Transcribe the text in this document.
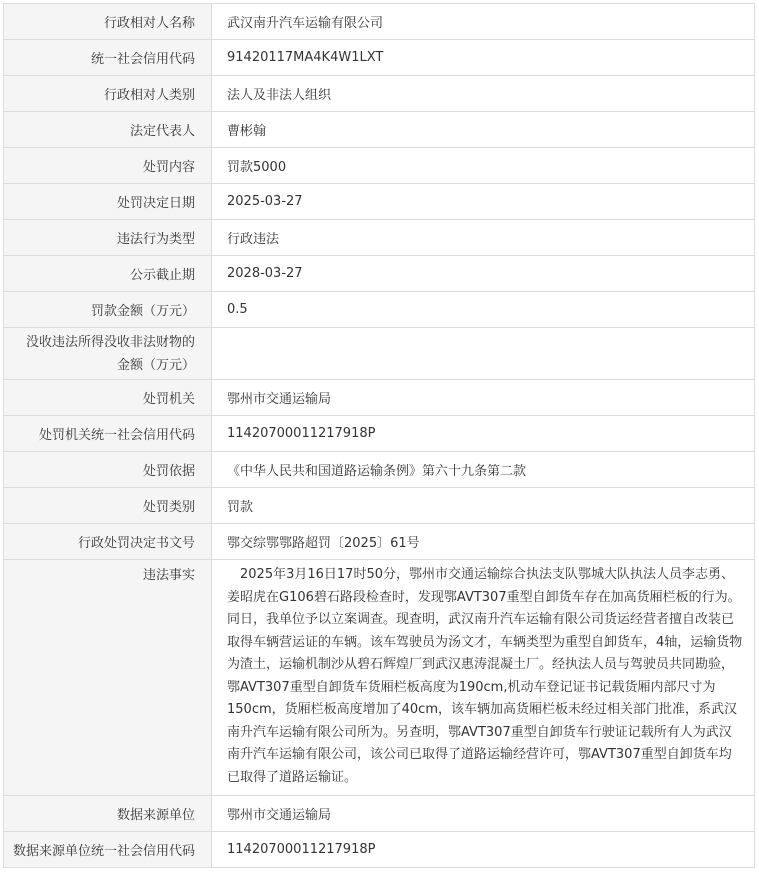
行政相对人名称	武汉南升汽车运输有限公司
统一社会信用代码	91420117MA4K4W1LXT
行政相对人类别	法人及非法人组织
法定代表人	曹彬翰
处罚内容	罚款5000
处罚决定日期	2025-03-27
违法行为类型	行政违法
公示截止期	2028-03-27
罚款金额（万元）	0.5
没收违法所得没收非法财物的金额（万元）	
处罚机关	鄂州市交通运输局
处罚机关统一社会信用代码	11420700011217918P
处罚依据	《中华人民共和国道路运输条例》第六十九条第二款
处罚类别	罚款
行政处罚决定书文号	鄂交综鄂鄂路超罚〔2025〕61号
违法事实	2025年3月16日17时50分，鄂州市交通运输综合执法支队鄂城大队执法人员李志勇、姜昭虎在G106碧石路段检查时，发现鄂AVT307重型自卸货车存在加高货厢栏板的行为。同日，我单位予以立案调查。现查明，武汉南升汽车运输有限公司货运经营者擅自改装已取得车辆营运证的车辆。该车驾驶员为汤文才，车辆类型为重型自卸货车，4轴，运输货物为渣土，运输机制沙从碧石辉煌厂到武汉惠涛混凝土厂。经执法人员与驾驶员共同勘验，鄂AVT307重型自卸货车货厢栏板高度为190cm,机动车登记证书记载货厢内部尺寸为150cm，货厢栏板高度增加了40cm，该车辆加高货厢栏板未经过相关部门批准，系武汉南升汽车运输有限公司所为。另查明，鄂AVT307重型自卸货车行驶证记载所有人为武汉南升汽车运输有限公司，该公司已取得了道路运输经营许可，鄂AVT307重型自卸货车均已取得了道路运输证。
数据来源单位	鄂州市交通运输局
数据来源单位统一社会信用代码	11420700011217918P
